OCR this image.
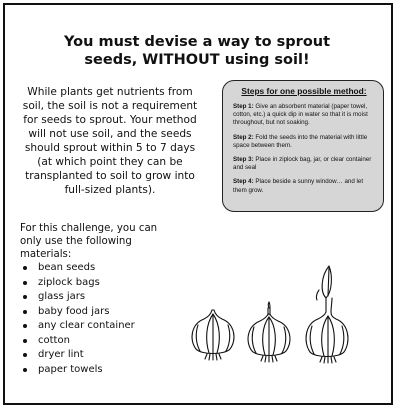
You must devise a way to sprout
seeds, WITHOUT using soil!

While plants get nutrients from
soil, the soil is not a requirement
for seeds to sprout. Your method
will not use soil, and the seeds
should sprout within 5 to 7 days
(at which point they can be
transplanted to soil to grow into
full-sized plants).

Steps for one possible method:

Step 1: Give an absorbent material (paper towel, cotton, etc.) a quick dip in water so that it is moist throughout, but not soaking.

Step 2: Fold the seeds into the material with little space between them.

Step 3: Place in ziplock bag, jar, or clear container and seal

Step 4: Place beside a sunny window… and let them grow.

For this challenge, you can
only use the following
materials:

bean seeds
ziplock bags
glass jars
baby food jars
any clear container
cotton
dryer lint
paper towels
